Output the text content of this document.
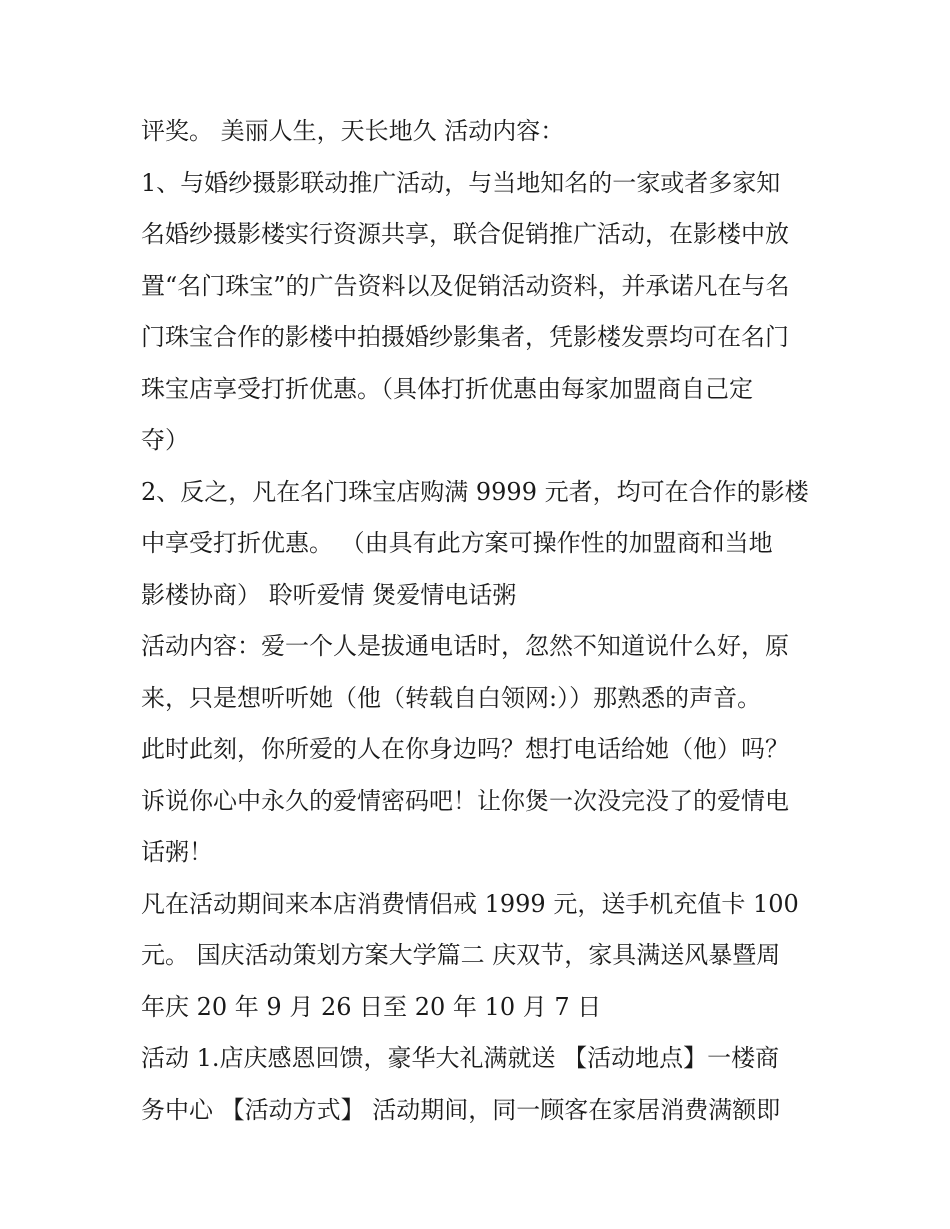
评奖。 美丽人生，天长地久 活动内容：
1、与婚纱摄影联动推广活动，与当地知名的一家或者多家知
名婚纱摄影楼实行资源共享，联合促销推广活动，在影楼中放
置“名门珠宝”的广告资料以及促销活动资料，并承诺凡在与名
门珠宝合作的影楼中拍摄婚纱影集者，凭影楼发票均可在名门
珠宝店享受打折优惠。（具体打折优惠由每家加盟商自己定
夺）
2、反之，凡在名门珠宝店购满 9999 元者，均可在合作的影楼
中享受打折优惠。 （由具有此方案可操作性的加盟商和当地
影楼协商） 聆听爱情 煲爱情电话粥
活动内容：爱一个人是拔通电话时，忽然不知道说什么好，原
来，只是想听听她（他（转载自白领网:））那熟悉的声音。
此时此刻，你所爱的人在你身边吗？想打电话给她（他）吗？
诉说你心中永久的爱情密码吧！让你煲一次没完没了的爱情电
话粥！
凡在活动期间来本店消费情侣戒 1999 元，送手机充值卡 100
元。 国庆活动策划方案大学篇二 庆双节，家具满送风暴暨周
年庆 20 年 9 月 26 日至 20 年 10 月 7 日
活动 1.店庆感恩回馈，豪华大礼满就送 【活动地点】一楼商
务中心 【活动方式】 活动期间，同一顾客在家居消费满额即
